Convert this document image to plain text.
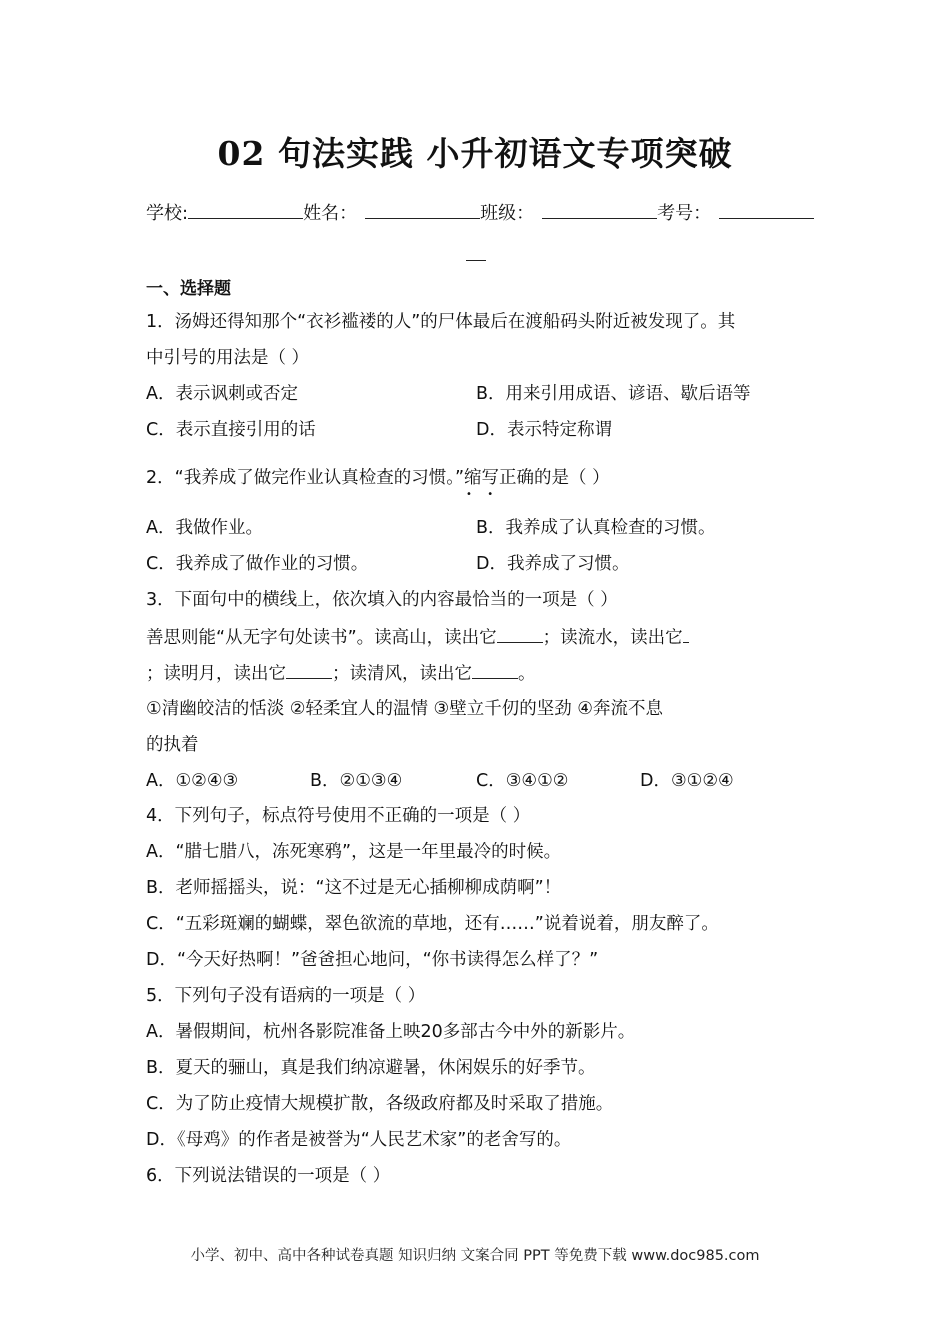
02 句法实践 小升初语文专项突破
学校:	姓名：	班级：	考号：
一、选择题
1．汤姆还得知那个“衣衫褴褛的人”的尸体最后在渡船码头附近被发现了。其
中引号的用法是（ ）
A．表示讽刺或否定	B．用来引用成语、谚语、歇后语等
C．表示直接引用的话	D．表示特定称谓
2．“我养成了做完作业认真检查的习惯。”缩写 • •正确的是（ ）
A．我做作业。	B．我养成了认真检查的习惯。
C．我养成了做作业的习惯。	D．我养成了习惯。
3．下面句中的横线上，依次填入的内容最恰当的一项是（ ）
善思则能“从无字句处读书”。读高山，读出它	；读流水，读出它
；读明月，读出它	；读清风，读出它	。
①清幽皎洁的恬淡 ②轻柔宜人的温情 ③壁立千仞的坚劲 ④奔流不息
的执着
A．①②④③	B．②①③④	C．③④①②	D．③①②④
4．下列句子，标点符号使用不正确的一项是（ ）
A．“腊七腊八，冻死寒鸦”，这是一年里最冷的时候。
B．老师摇摇头，说：“这不过是无心插柳柳成荫啊”！
C．“五彩斑斓的蝴蝶，翠色欲流的草地，还有……”说着说着，朋友醉了。
D．“今天好热啊！”爸爸担心地问，“你书读得怎么样了？”
5．下列句子没有语病的一项是（ ）
A．暑假期间，杭州各影院准备上映20多部古今中外的新影片。
B．夏天的骊山，真是我们纳凉避暑，休闲娱乐的好季节。
C．为了防止疫情大规模扩散，各级政府都及时采取了措施。
D．《母鸡》的作者是被誉为“人民艺术家”的老舍写的。
6．下列说法错误的一项是（ ）
小学、初中、高中各种试卷真题 知识归纳 文案合同 PPT 等免费下载 www.doc985.com
